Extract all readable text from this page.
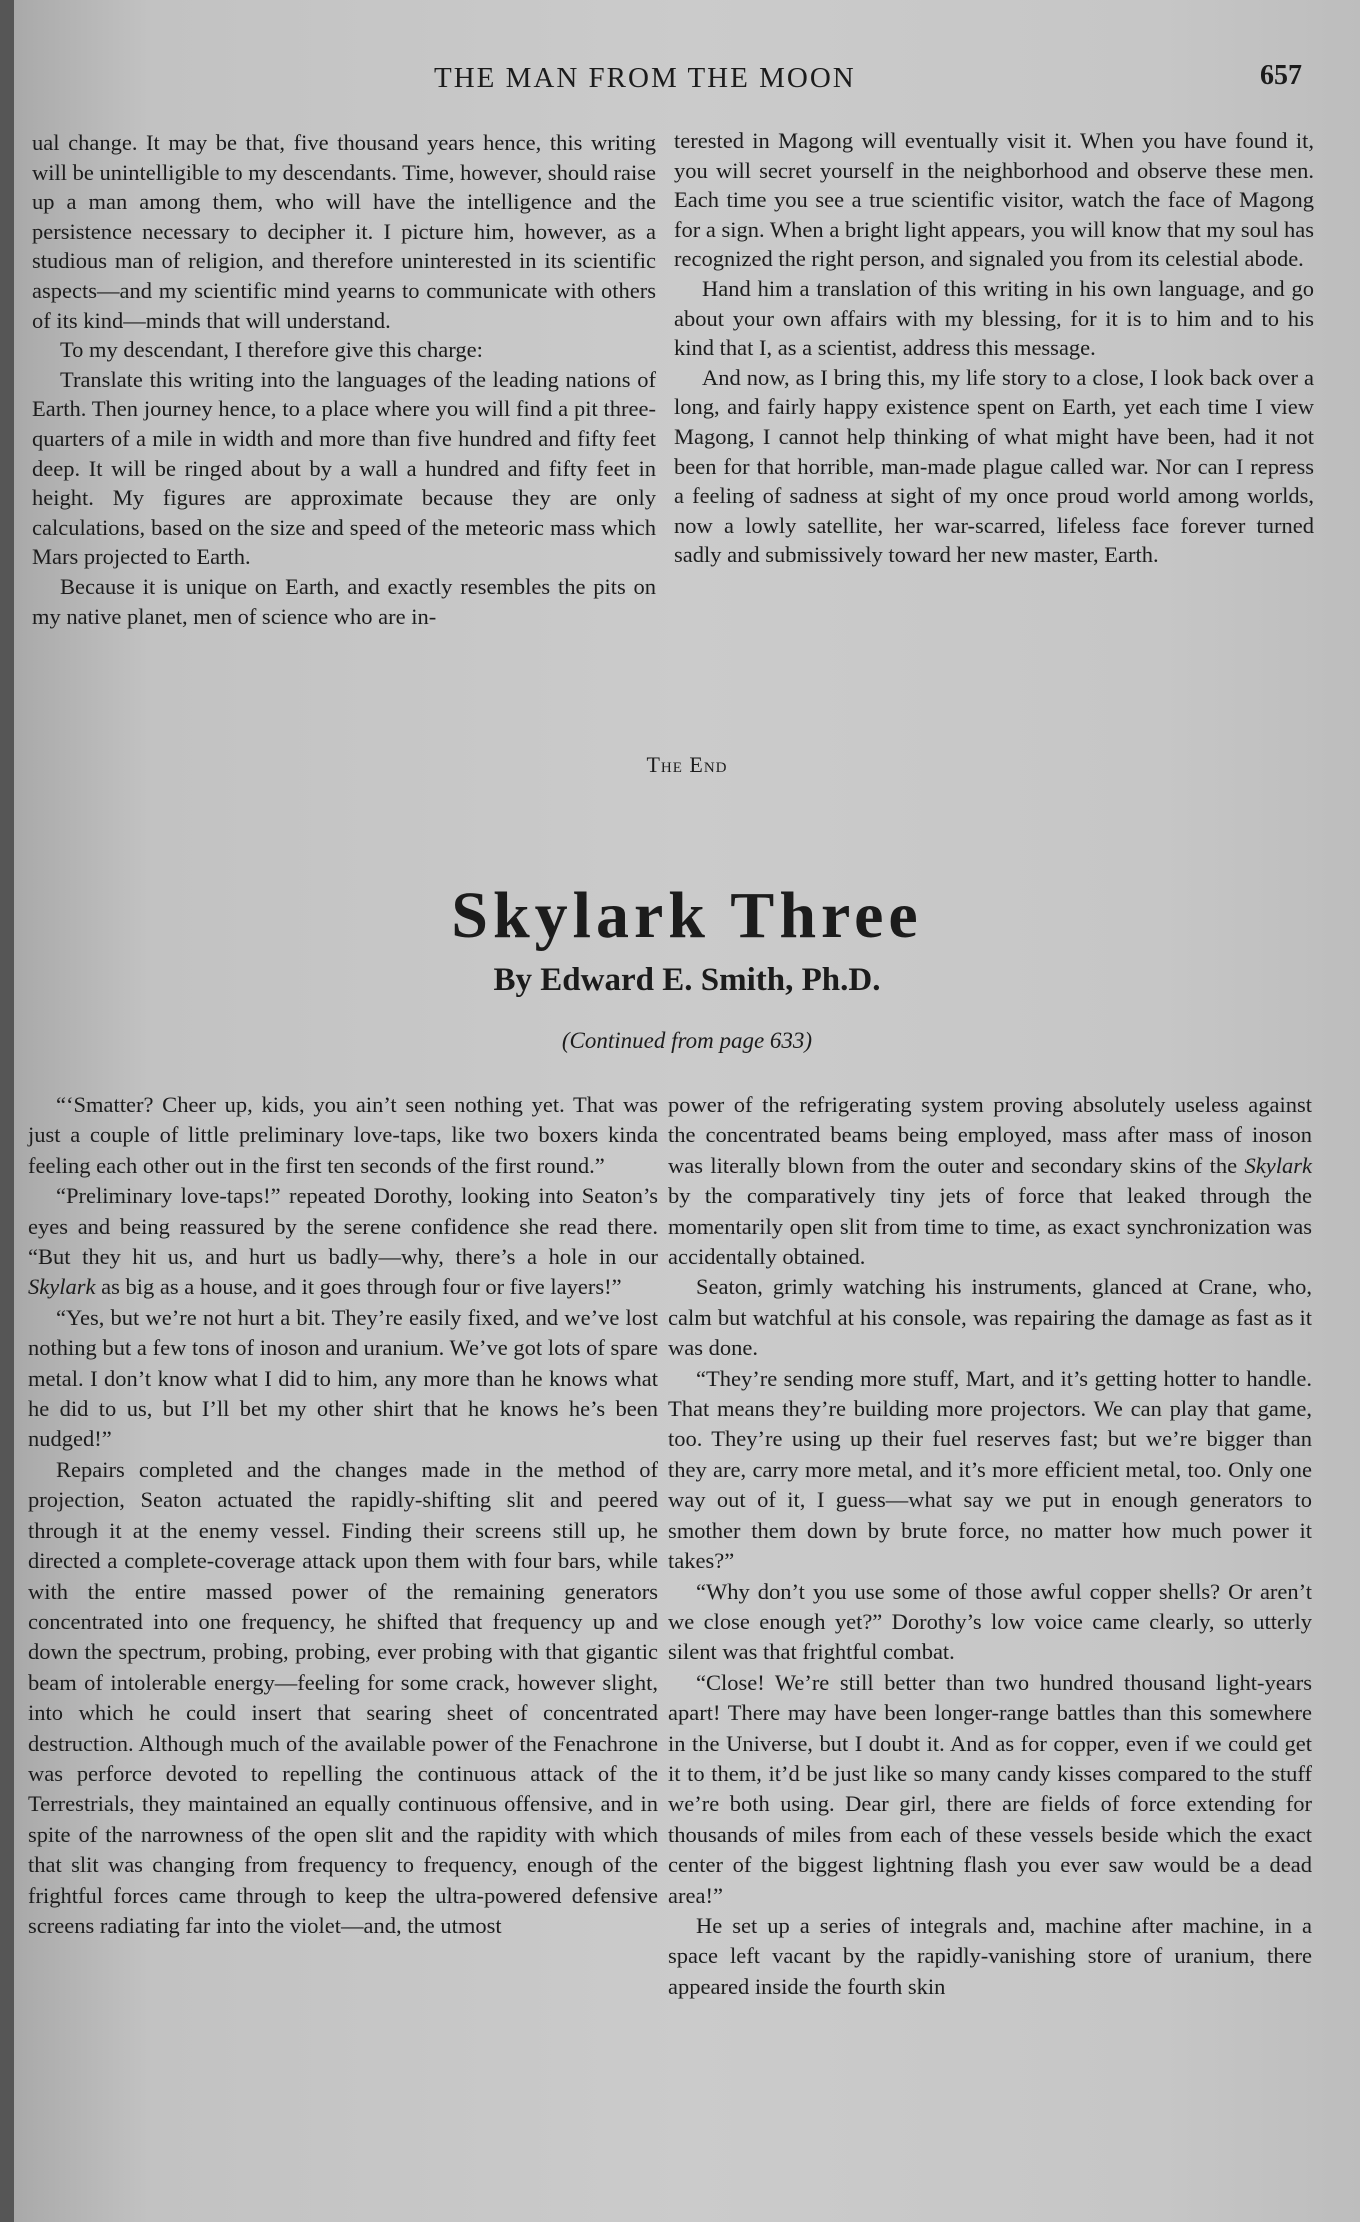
THE MAN FROM THE MOON	657

ual change. It may be that, five thousand years hence, this writing will be unintelligible to my descendants. Time, however, should raise up a man among them, who will have the intelligence and the persistence necessary to decipher it. I picture him, however, as a studious man of religion, and therefore uninterested in its scientific aspects—and my scientific mind yearns to communicate with others of its kind—minds that will understand.

To my descendant, I therefore give this charge:

Translate this writing into the languages of the leading nations of Earth. Then journey hence, to a place where you will find a pit three-quarters of a mile in width and more than five hundred and fifty feet deep. It will be ringed about by a wall a hundred and fifty feet in height. My figures are approximate because they are only calculations, based on the size and speed of the meteoric mass which Mars projected to Earth.

Because it is unique on Earth, and exactly resembles the pits on my native planet, men of science who are in-

terested in Magong will eventually visit it. When you have found it, you will secret yourself in the neighborhood and observe these men. Each time you see a true scientific visitor, watch the face of Magong for a sign. When a bright light appears, you will know that my soul has recognized the right person, and signaled you from its celestial abode.

Hand him a translation of this writing in his own language, and go about your own affairs with my blessing, for it is to him and to his kind that I, as a scientist, address this message.

And now, as I bring this, my life story to a close, I look back over a long, and fairly happy existence spent on Earth, yet each time I view Magong, I cannot help thinking of what might have been, had it not been for that horrible, man-made plague called war. Nor can I repress a feeling of sadness at sight of my once proud world among worlds, now a lowly satellite, her war-scarred, lifeless face forever turned sadly and submissively toward her new master, Earth.

The End
Skylark Three
By Edward E. Smith, Ph.D.
(Continued from page 633)

“‘Smatter? Cheer up, kids, you ain’t seen nothing yet. That was just a couple of little preliminary love-taps, like two boxers kinda feeling each other out in the first ten seconds of the first round.”

“Preliminary love-taps!” repeated Dorothy, looking into Seaton’s eyes and being reassured by the serene confidence she read there. “But they hit us, and hurt us badly—why, there’s a hole in our Skylark as big as a house, and it goes through four or five layers!”

“Yes, but we’re not hurt a bit. They’re easily fixed, and we’ve lost nothing but a few tons of inoson and uranium. We’ve got lots of spare metal. I don’t know what I did to him, any more than he knows what he did to us, but I’ll bet my other shirt that he knows he’s been nudged!”

Repairs completed and the changes made in the method of projection, Seaton actuated the rapidly-shifting slit and peered through it at the enemy vessel. Finding their screens still up, he directed a complete-coverage attack upon them with four bars, while with the entire massed power of the remaining generators concentrated into one frequency, he shifted that frequency up and down the spectrum, probing, probing, ever probing with that gigantic beam of intolerable energy—feeling for some crack, however slight, into which he could insert that searing sheet of concentrated destruction. Although much of the available power of the Fenachrone was perforce devoted to repelling the continuous attack of the Terrestrials, they maintained an equally continuous offensive, and in spite of the narrowness of the open slit and the rapidity with which that slit was changing from frequency to frequency, enough of the frightful forces came through to keep the ultra-powered defensive screens radiating far into the violet—and, the utmost

power of the refrigerating system proving absolutely useless against the concentrated beams being employed, mass after mass of inoson was literally blown from the outer and secondary skins of the Skylark by the comparatively tiny jets of force that leaked through the momentarily open slit from time to time, as exact synchronization was accidentally obtained.

Seaton, grimly watching his instruments, glanced at Crane, who, calm but watchful at his console, was repairing the damage as fast as it was done.

“They’re sending more stuff, Mart, and it’s getting hotter to handle. That means they’re building more projectors. We can play that game, too. They’re using up their fuel reserves fast; but we’re bigger than they are, carry more metal, and it’s more efficient metal, too. Only one way out of it, I guess—what say we put in enough generators to smother them down by brute force, no matter how much power it takes?”

“Why don’t you use some of those awful copper shells? Or aren’t we close enough yet?” Dorothy’s low voice came clearly, so utterly silent was that frightful combat.

“Close! We’re still better than two hundred thousand light-years apart! There may have been longer-range battles than this somewhere in the Universe, but I doubt it. And as for copper, even if we could get it to them, it’d be just like so many candy kisses compared to the stuff we’re both using. Dear girl, there are fields of force extending for thousands of miles from each of these vessels beside which the exact center of the biggest lightning flash you ever saw would be a dead area!”

He set up a series of integrals and, machine after machine, in a space left vacant by the rapidly-vanishing store of uranium, there appeared inside the fourth skin
